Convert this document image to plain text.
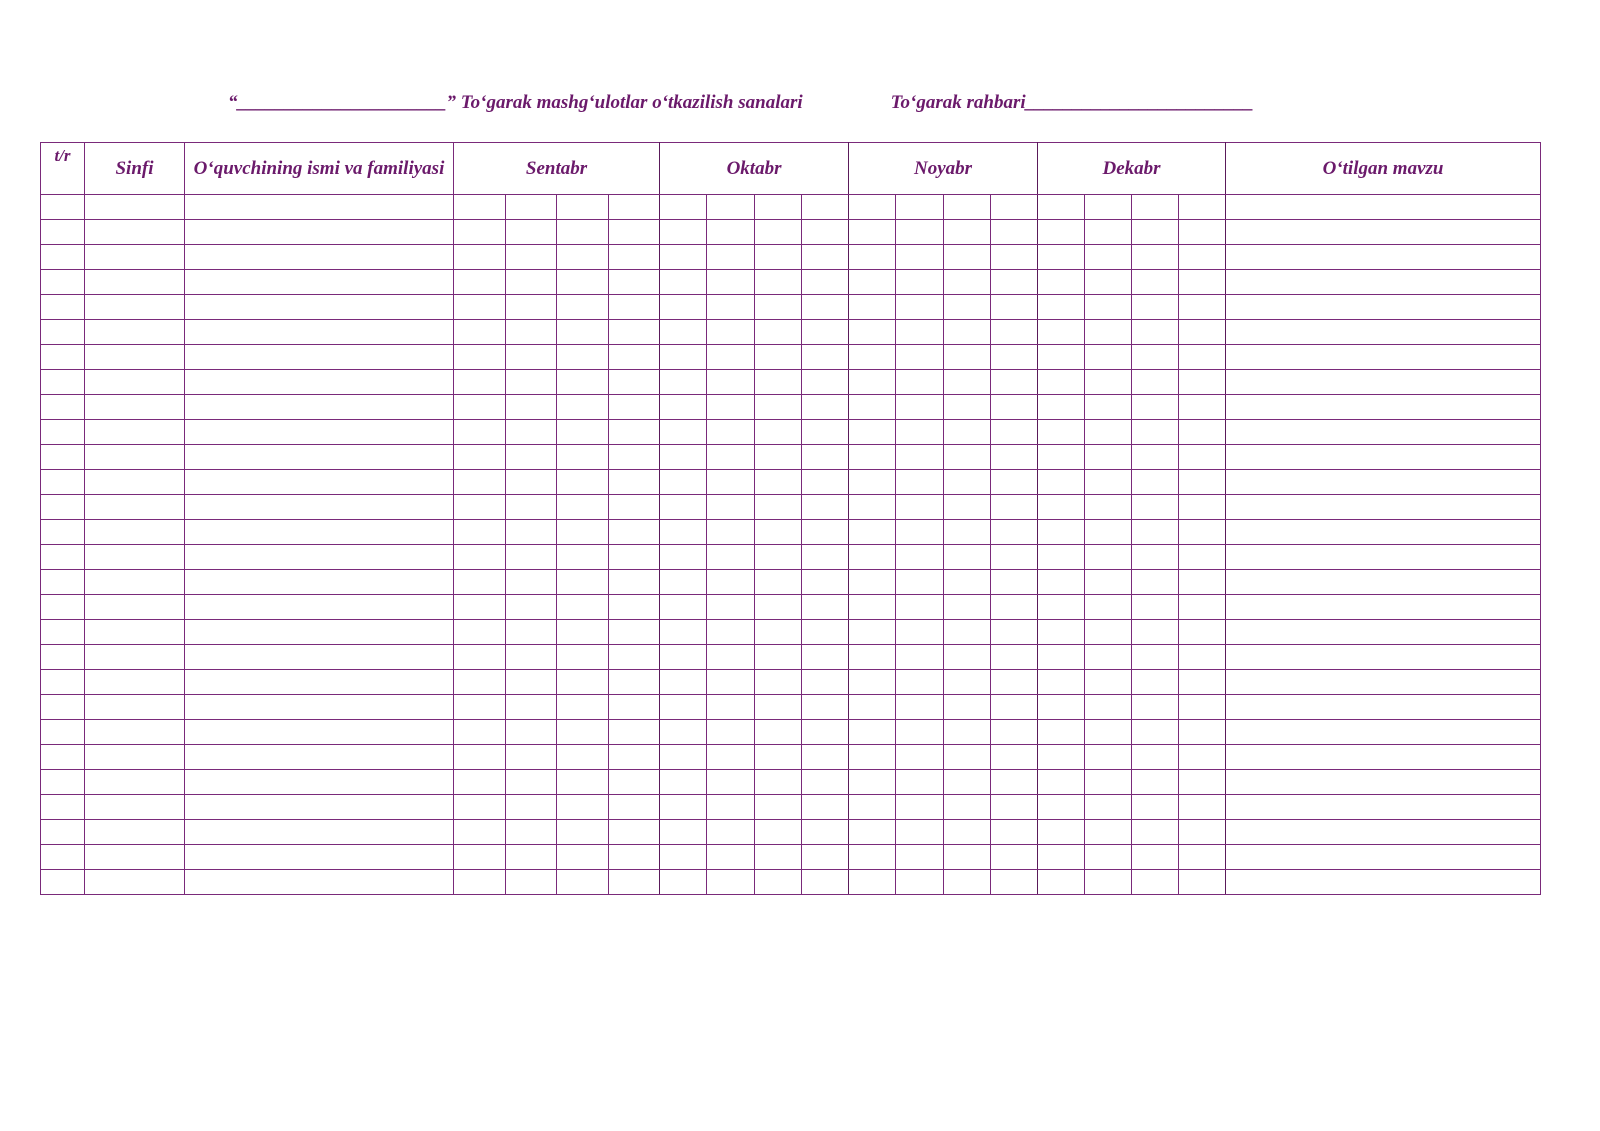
“______________________” To‘garak mashg‘ulotlar o‘tkazilish sanalari	To‘garak rahbari________________________
t/r	Sinfi	O‘quvchining ismi va familiyasi	Sentabr				Oktabr				Noyabr				Dekabr				O‘tilgan mavzu
